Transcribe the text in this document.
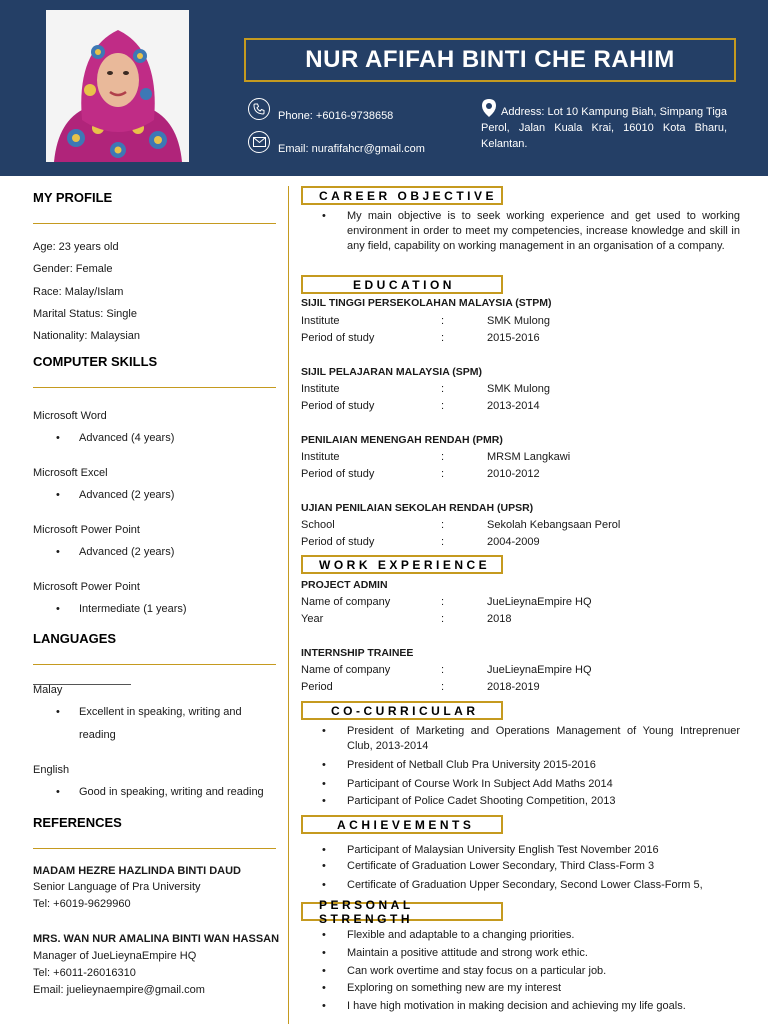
NUR AFIFAH BINTI CHE RAHIM
Phone: +6016-9738658
Email: nurafifahcr@gmail.com
Address: Lot 10 Kampung Biah, Simpang Tiga Perol, Jalan Kuala Krai, 16010 Kota Bharu, Kelantan.
MY PROFILE
Age: 23 years old
Gender: Female
Race: Malay/Islam
Marital Status: Single
Nationality: Malaysian
COMPUTER SKILLS
Microsoft Word
Advanced (4 years)
Microsoft Excel
Advanced (2 years)
Microsoft Power Point
Advanced (2 years)
Microsoft Power Point
Intermediate (1 years)
LANGUAGES
Malay
Excellent in speaking, writing and
reading
English
Good in speaking, writing and reading
REFERENCES
MADAM HEZRE HAZLINDA BINTI DAUD
Senior Language of Pra University
Tel: +6019-9629960
MRS. WAN NUR AMALINA BINTI WAN HASSAN
Manager of JueLieynaEmpire HQ
Tel: +6011-26016310
Email: juelieynaempire@gmail.com
CAREER OBJECTIVE
• My main objective is to seek working experience and get used to working environment in order to meet my competencies, increase knowledge and skill in any field, capability on working management in an organisation of a company.
EDUCATION
SIJIL TINGGI PERSEKOLAHAN MALAYSIA (STPM)
Institute	:	SMK Mulong
Period of study	:	2015-2016
SIJIL PELAJARAN MALAYSIA (SPM)
Institute	:	SMK Mulong
Period of study	:	2013-2014
PENILAIAN MENENGAH RENDAH (PMR)
Institute	:	MRSM Langkawi
Period of study	:	2010-2012
UJIAN PENILAIAN SEKOLAH RENDAH (UPSR)
School	:	Sekolah Kebangsaan Perol
Period of study	:	2004-2009
WORK EXPERIENCE
PROJECT ADMIN
Name of company	:	JueLieynaEmpire HQ
Year	:	2018
INTERNSHIP TRAINEE
Name of company	:	JueLieynaEmpire HQ
Period	:	2018-2019
CO-CURRICULAR
• President of Marketing and Operations Management of Young Intreprenuer Club, 2013-2014
• President of Netball Club Pra University 2015-2016
• Participant of Course Work In Subject Add Maths 2014
• Participant of Police Cadet Shooting Competition, 2013
ACHIEVEMENTS
• Participant of Malaysian University English Test November 2016
• Certificate of Graduation Lower Secondary, Third Class-Form 3
• Certificate of Graduation Upper Secondary, Second Lower Class-Form 5,
PERSONAL STRENGTH
• Flexible and adaptable to a changing priorities.
• Maintain a positive attitude and strong work ethic.
• Can work overtime and stay focus on a particular job.
• Exploring on something new are my interest
• I have high motivation in making decision and achieving my life goals.
